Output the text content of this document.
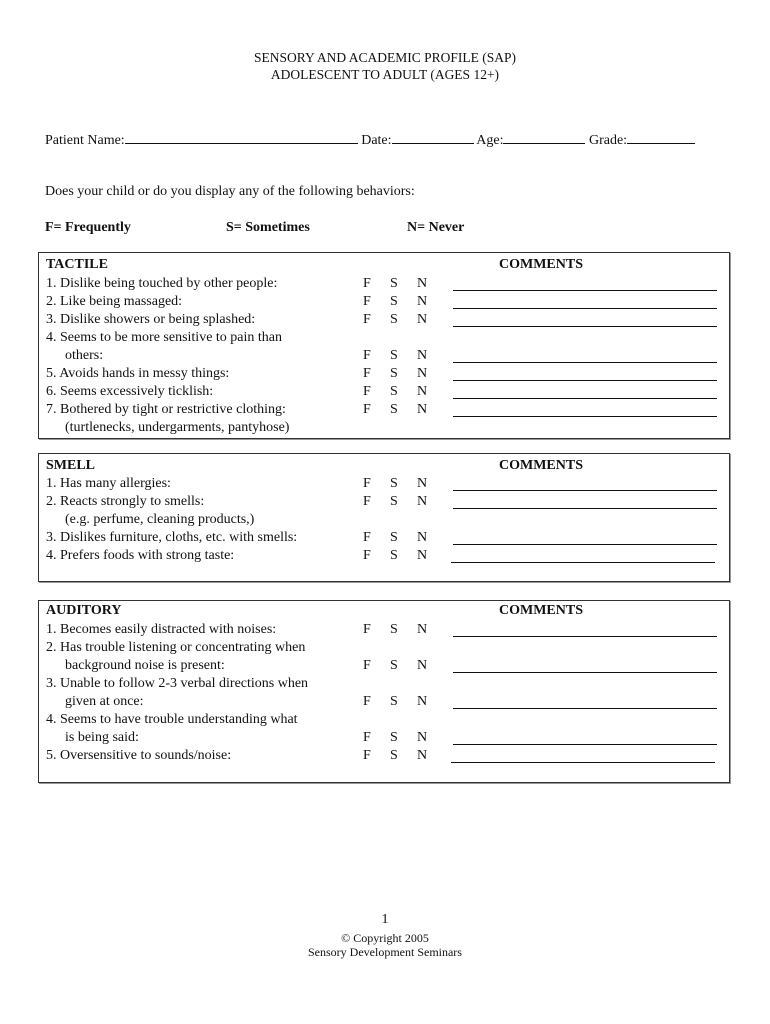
SENSORY AND ACADEMIC PROFILE (SAP)
ADOLESCENT TO ADULT (AGES 12+)
Patient Name:	Date:	Age:	Grade:
Does your child or do you display any of the following behaviors:
F= Frequently	S= Sometimes	N= Never
TACTILE	COMMENTS
1. Dislike being touched by other people:	F S N
2. Like being massaged:	F S N
3. Dislike showers or being splashed:	F S N
4. Seems to be more sensitive to pain than
others:	F S N
5. Avoids hands in messy things:	F S N
6. Seems excessively ticklish:	F S N
7. Bothered by tight or restrictive clothing:	F S N
(turtlenecks, undergarments, pantyhose)
SMELL	COMMENTS
1. Has many allergies:	F S N
2. Reacts strongly to smells:	F S N
(e.g. perfume, cleaning products,)
3. Dislikes furniture, cloths, etc. with smells:	F S N
4. Prefers foods with strong taste:	F S N
AUDITORY	COMMENTS
1. Becomes easily distracted with noises:	F S N
2. Has trouble listening or concentrating when
background noise is present:	F S N
3. Unable to follow 2-3 verbal directions when
given at once:	F S N
4. Seems to have trouble understanding what
is being said:	F S N
5. Oversensitive to sounds/noise:	F S N
1
© Copyright 2005
Sensory Development Seminars
